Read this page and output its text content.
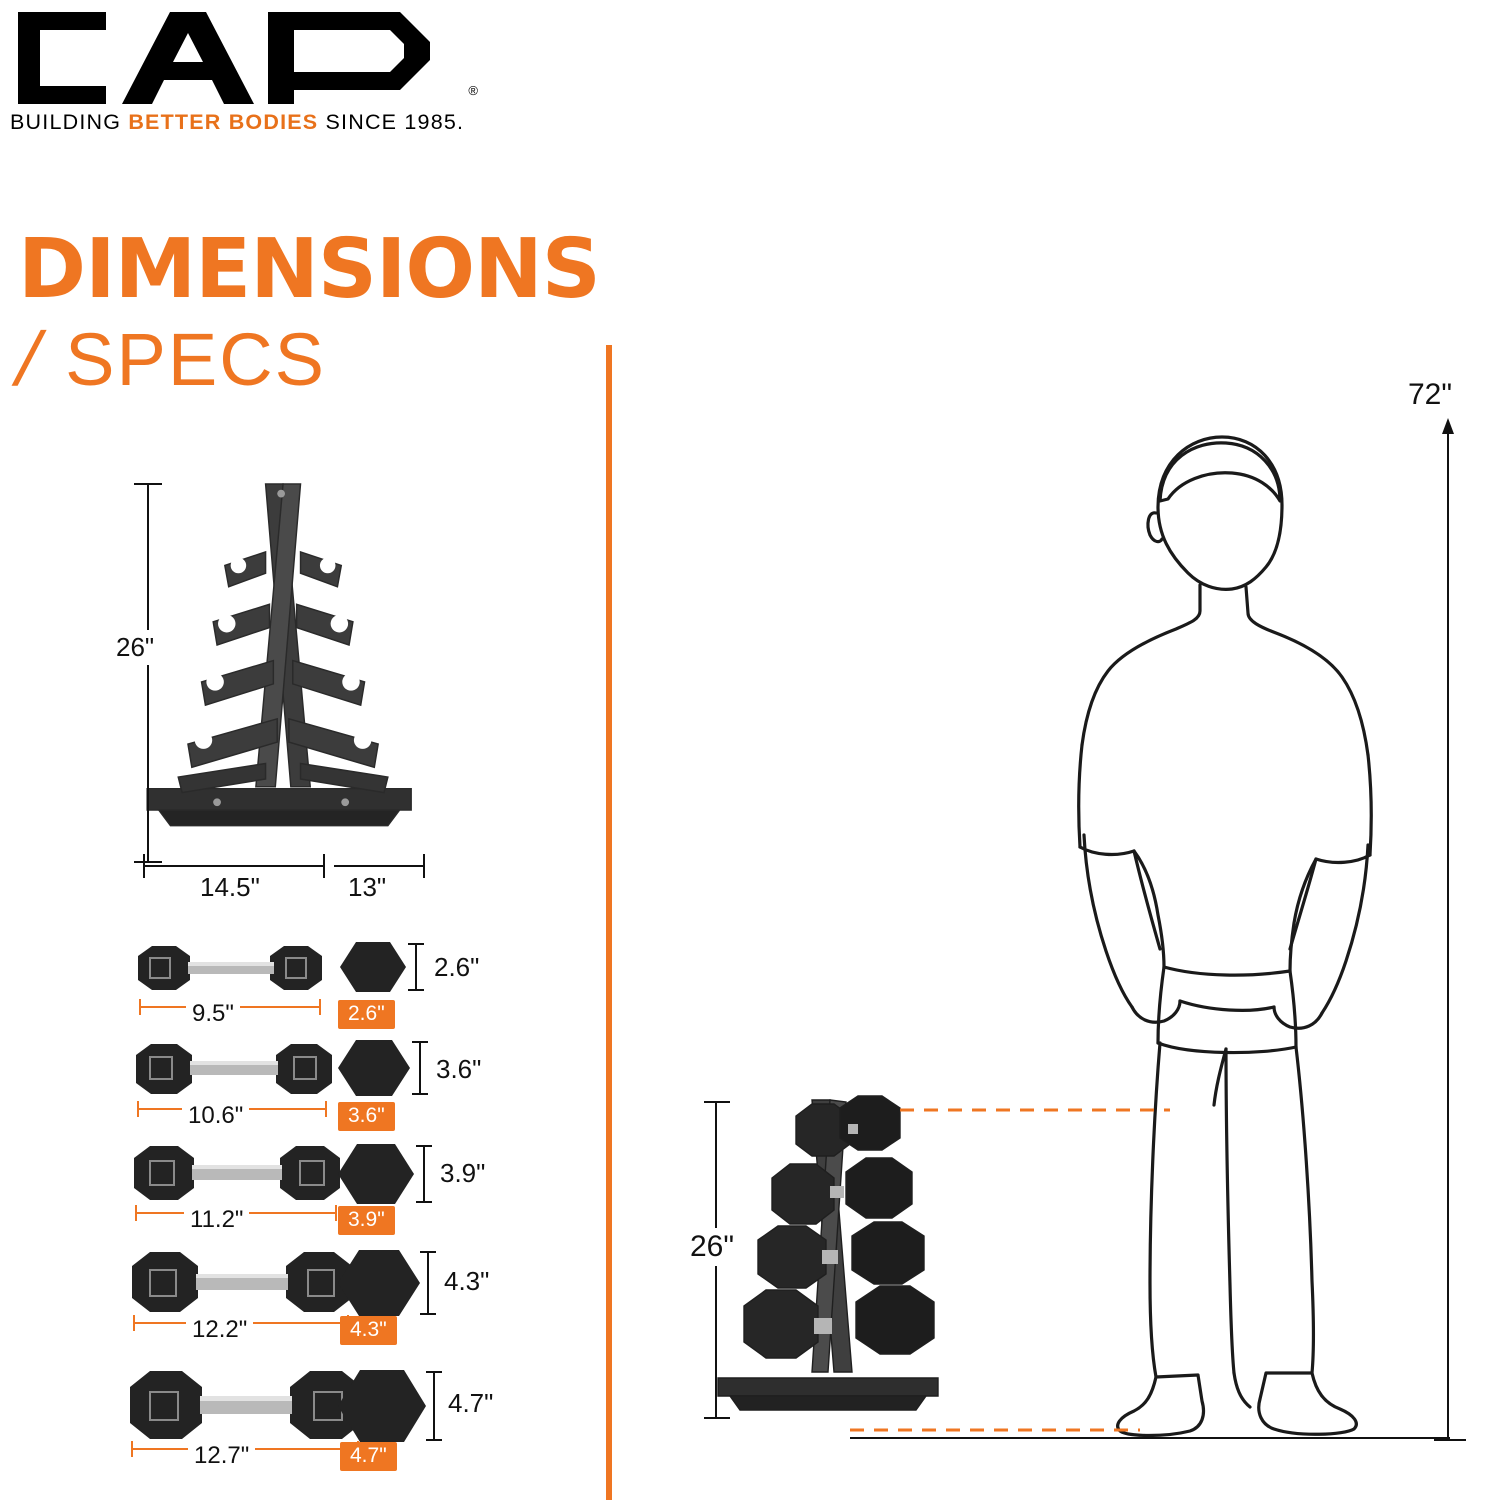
®
BUILDING BETTER BODIES SINCE 1985.
DIMENSIONS
/ SPECS
26"
14.5"	13"
9.5"
2.6"
2.6"
10.6"
3.6"
3.6"
11.2"
3.9"
3.9"
12.2"
4.3"
4.3"
12.7"
4.7"
4.7"
72"
26"
